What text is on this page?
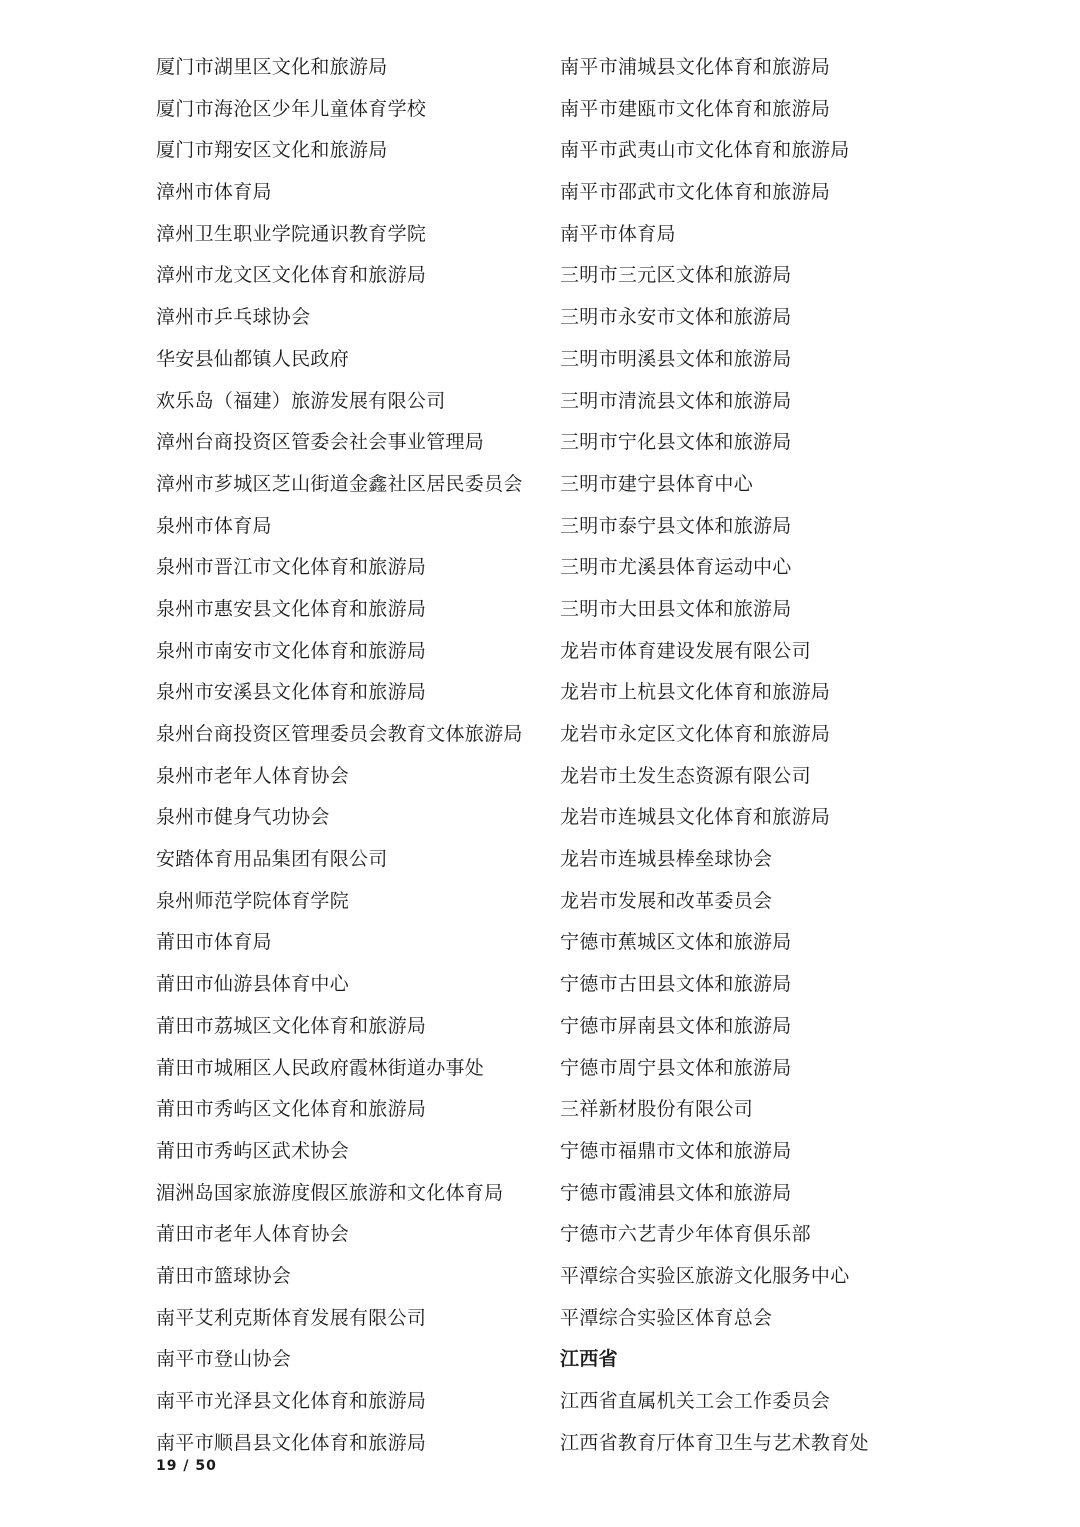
厦门市湖里区文化和旅游局
厦门市海沧区少年儿童体育学校
厦门市翔安区文化和旅游局
漳州市体育局
漳州卫生职业学院通识教育学院
漳州市龙文区文化体育和旅游局
漳州市乒乓球协会
华安县仙都镇人民政府
欢乐岛（福建）旅游发展有限公司
漳州台商投资区管委会社会事业管理局
漳州市芗城区芝山街道金鑫社区居民委员会
泉州市体育局
泉州市晋江市文化体育和旅游局
泉州市惠安县文化体育和旅游局
泉州市南安市文化体育和旅游局
泉州市安溪县文化体育和旅游局
泉州台商投资区管理委员会教育文体旅游局
泉州市老年人体育协会
泉州市健身气功协会
安踏体育用品集团有限公司
泉州师范学院体育学院
莆田市体育局
莆田市仙游县体育中心
莆田市荔城区文化体育和旅游局
莆田市城厢区人民政府霞林街道办事处
莆田市秀屿区文化体育和旅游局
莆田市秀屿区武术协会
湄洲岛国家旅游度假区旅游和文化体育局
莆田市老年人体育协会
莆田市篮球协会
南平艾利克斯体育发展有限公司
南平市登山协会
南平市光泽县文化体育和旅游局
南平市顺昌县文化体育和旅游局
南平市浦城县文化体育和旅游局
南平市建瓯市文化体育和旅游局
南平市武夷山市文化体育和旅游局
南平市邵武市文化体育和旅游局
南平市体育局
三明市三元区文体和旅游局
三明市永安市文体和旅游局
三明市明溪县文体和旅游局
三明市清流县文体和旅游局
三明市宁化县文体和旅游局
三明市建宁县体育中心
三明市泰宁县文体和旅游局
三明市尤溪县体育运动中心
三明市大田县文体和旅游局
龙岩市体育建设发展有限公司
龙岩市上杭县文化体育和旅游局
龙岩市永定区文化体育和旅游局
龙岩市土发生态资源有限公司
龙岩市连城县文化体育和旅游局
龙岩市连城县棒垒球协会
龙岩市发展和改革委员会
宁德市蕉城区文体和旅游局
宁德市古田县文体和旅游局
宁德市屏南县文体和旅游局
宁德市周宁县文体和旅游局
三祥新材股份有限公司
宁德市福鼎市文体和旅游局
宁德市霞浦县文体和旅游局
宁德市六艺青少年体育俱乐部
平潭综合实验区旅游文化服务中心
平潭综合实验区体育总会
江西省
江西省直属机关工会工作委员会
江西省教育厅体育卫生与艺术教育处
19 / 50
